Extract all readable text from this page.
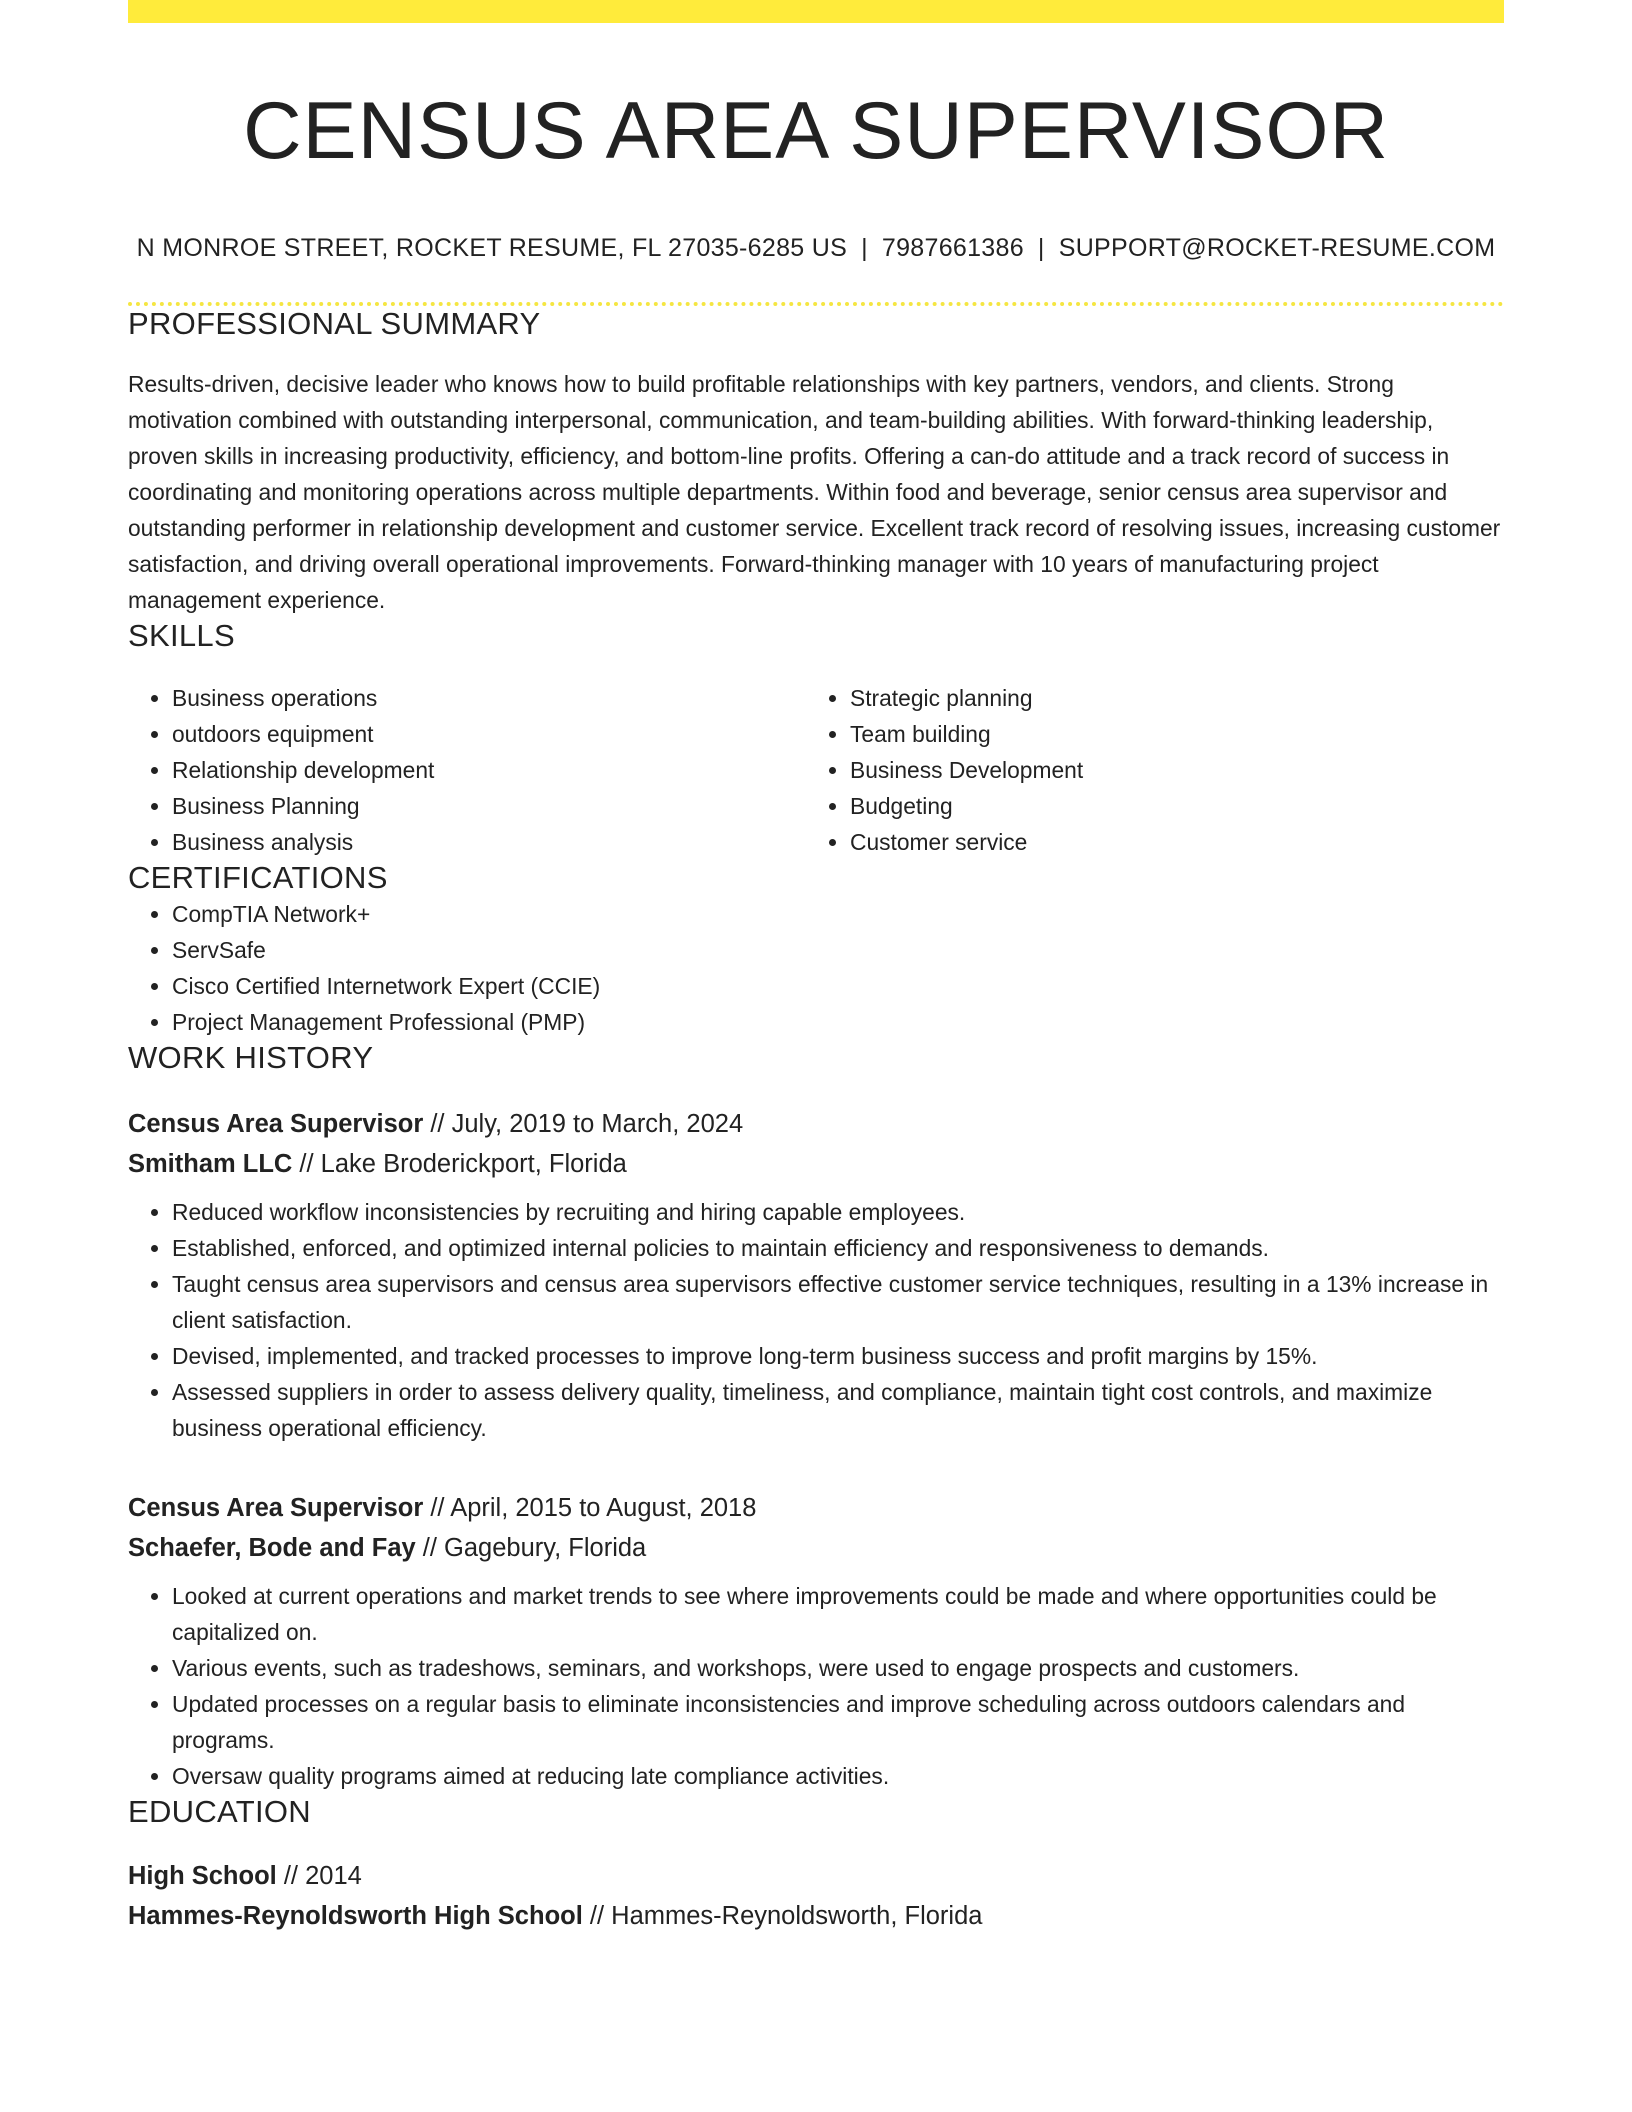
CENSUS AREA SUPERVISOR
N MONROE STREET, ROCKET RESUME, FL 27035-6285 US | 7987661386 | SUPPORT@ROCKET-RESUME.COM
PROFESSIONAL SUMMARY
Results-driven, decisive leader who knows how to build profitable relationships with key partners, vendors, and clients. Strong motivation combined with outstanding interpersonal, communication, and team-building abilities. With forward-thinking leadership, proven skills in increasing productivity, efficiency, and bottom-line profits. Offering a can-do attitude and a track record of success in coordinating and monitoring operations across multiple departments. Within food and beverage, senior census area supervisor and outstanding performer in relationship development and customer service. Excellent track record of resolving issues, increasing customer satisfaction, and driving overall operational improvements. Forward-thinking manager with 10 years of manufacturing project management experience.
SKILLS
• Business operations
• outdoors equipment
• Relationship development
• Business Planning
• Business analysis
• Strategic planning
• Team building
• Business Development
• Budgeting
• Customer service
CERTIFICATIONS
• CompTIA Network+
• ServSafe
• Cisco Certified Internetwork Expert (CCIE)
• Project Management Professional (PMP)
WORK HISTORY
Census Area Supervisor // July, 2019 to March, 2024
Smitham LLC // Lake Broderickport, Florida
• Reduced workflow inconsistencies by recruiting and hiring capable employees.
• Established, enforced, and optimized internal policies to maintain efficiency and responsiveness to demands.
• Taught census area supervisors and census area supervisors effective customer service techniques, resulting in a 13% increase in client satisfaction.
• Devised, implemented, and tracked processes to improve long-term business success and profit margins by 15%.
• Assessed suppliers in order to assess delivery quality, timeliness, and compliance, maintain tight cost controls, and maximize business operational efficiency.
Census Area Supervisor // April, 2015 to August, 2018
Schaefer, Bode and Fay // Gagebury, Florida
• Looked at current operations and market trends to see where improvements could be made and where opportunities could be capitalized on.
• Various events, such as tradeshows, seminars, and workshops, were used to engage prospects and customers.
• Updated processes on a regular basis to eliminate inconsistencies and improve scheduling across outdoors calendars and programs.
• Oversaw quality programs aimed at reducing late compliance activities.
EDUCATION
High School // 2014
Hammes-Reynoldsworth High School // Hammes-Reynoldsworth, Florida
